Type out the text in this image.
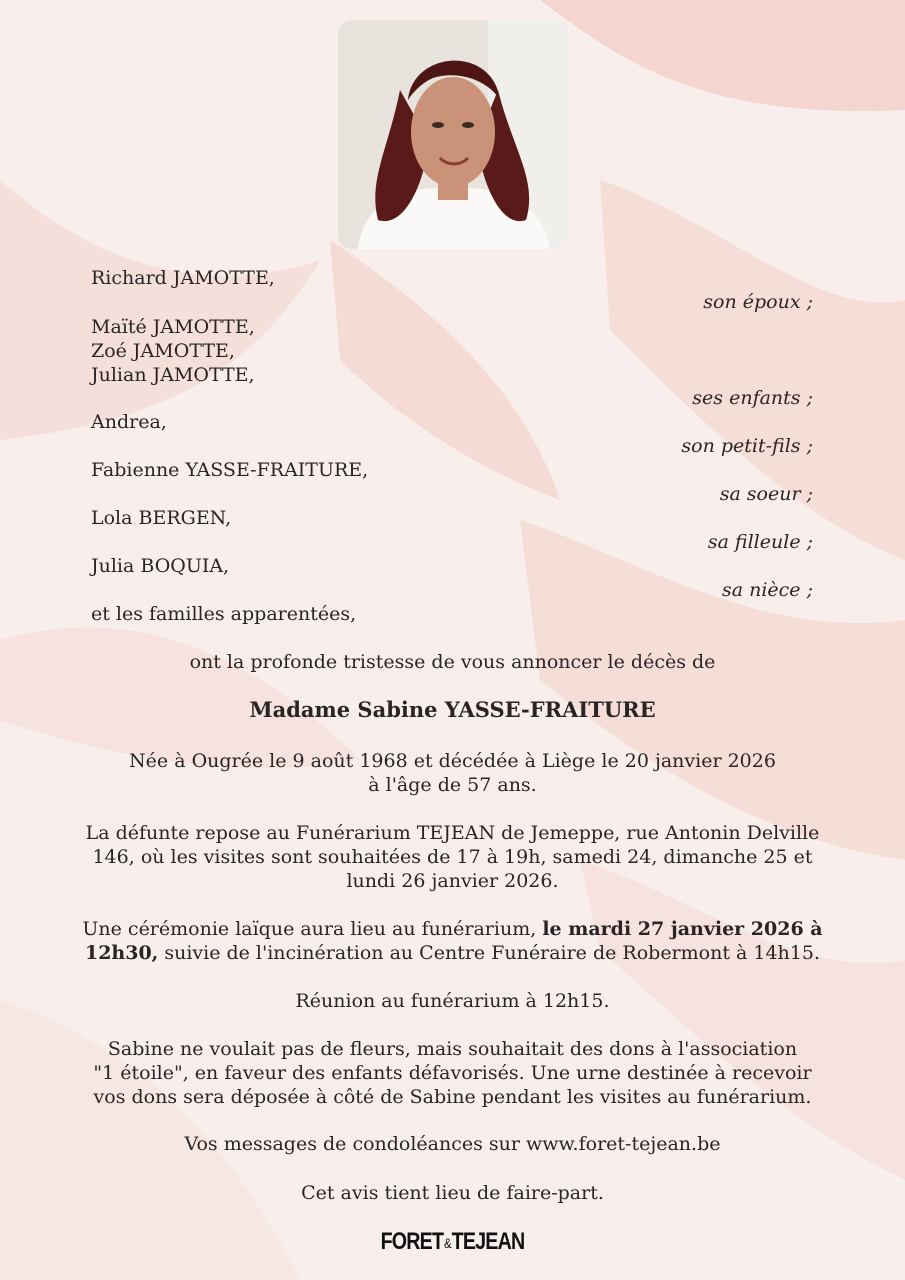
Richard JAMOTTE,
son époux ;
Maïté JAMOTTE,
Zoé JAMOTTE,
Julian JAMOTTE,
ses enfants ;
Andrea,
son petit-fils ;
Fabienne YASSE-FRAITURE,
sa soeur ;
Lola BERGEN,
sa filleule ;
Julia BOQUIA,
sa nièce ;
et les familles apparentées,
ont la profonde tristesse de vous annoncer le décès de
Madame Sabine YASSE-FRAITURE
Née à Ougrée le 9 août 1968 et décédée à Liège le 20 janvier 2026
à l'âge de 57 ans.
La défunte repose au Funérarium TEJEAN de Jemeppe, rue Antonin Delville
146, où les visites sont souhaitées de 17 à 19h, samedi 24, dimanche 25 et
lundi 26 janvier 2026.
Une cérémonie laïque aura lieu au funérarium, le mardi 27 janvier 2026 à
12h30, suivie de l'incinération au Centre Funéraire de Robermont à 14h15.
Réunion au funérarium à 12h15.
Sabine ne voulait pas de fleurs, mais souhaitait des dons à l'association
"1 étoile", en faveur des enfants défavorisés. Une urne destinée à recevoir
vos dons sera déposée à côté de Sabine pendant les visites au funérarium.
Vos messages de condoléances sur www.foret-tejean.be
Cet avis tient lieu de faire-part.
FORET&TEJEAN
